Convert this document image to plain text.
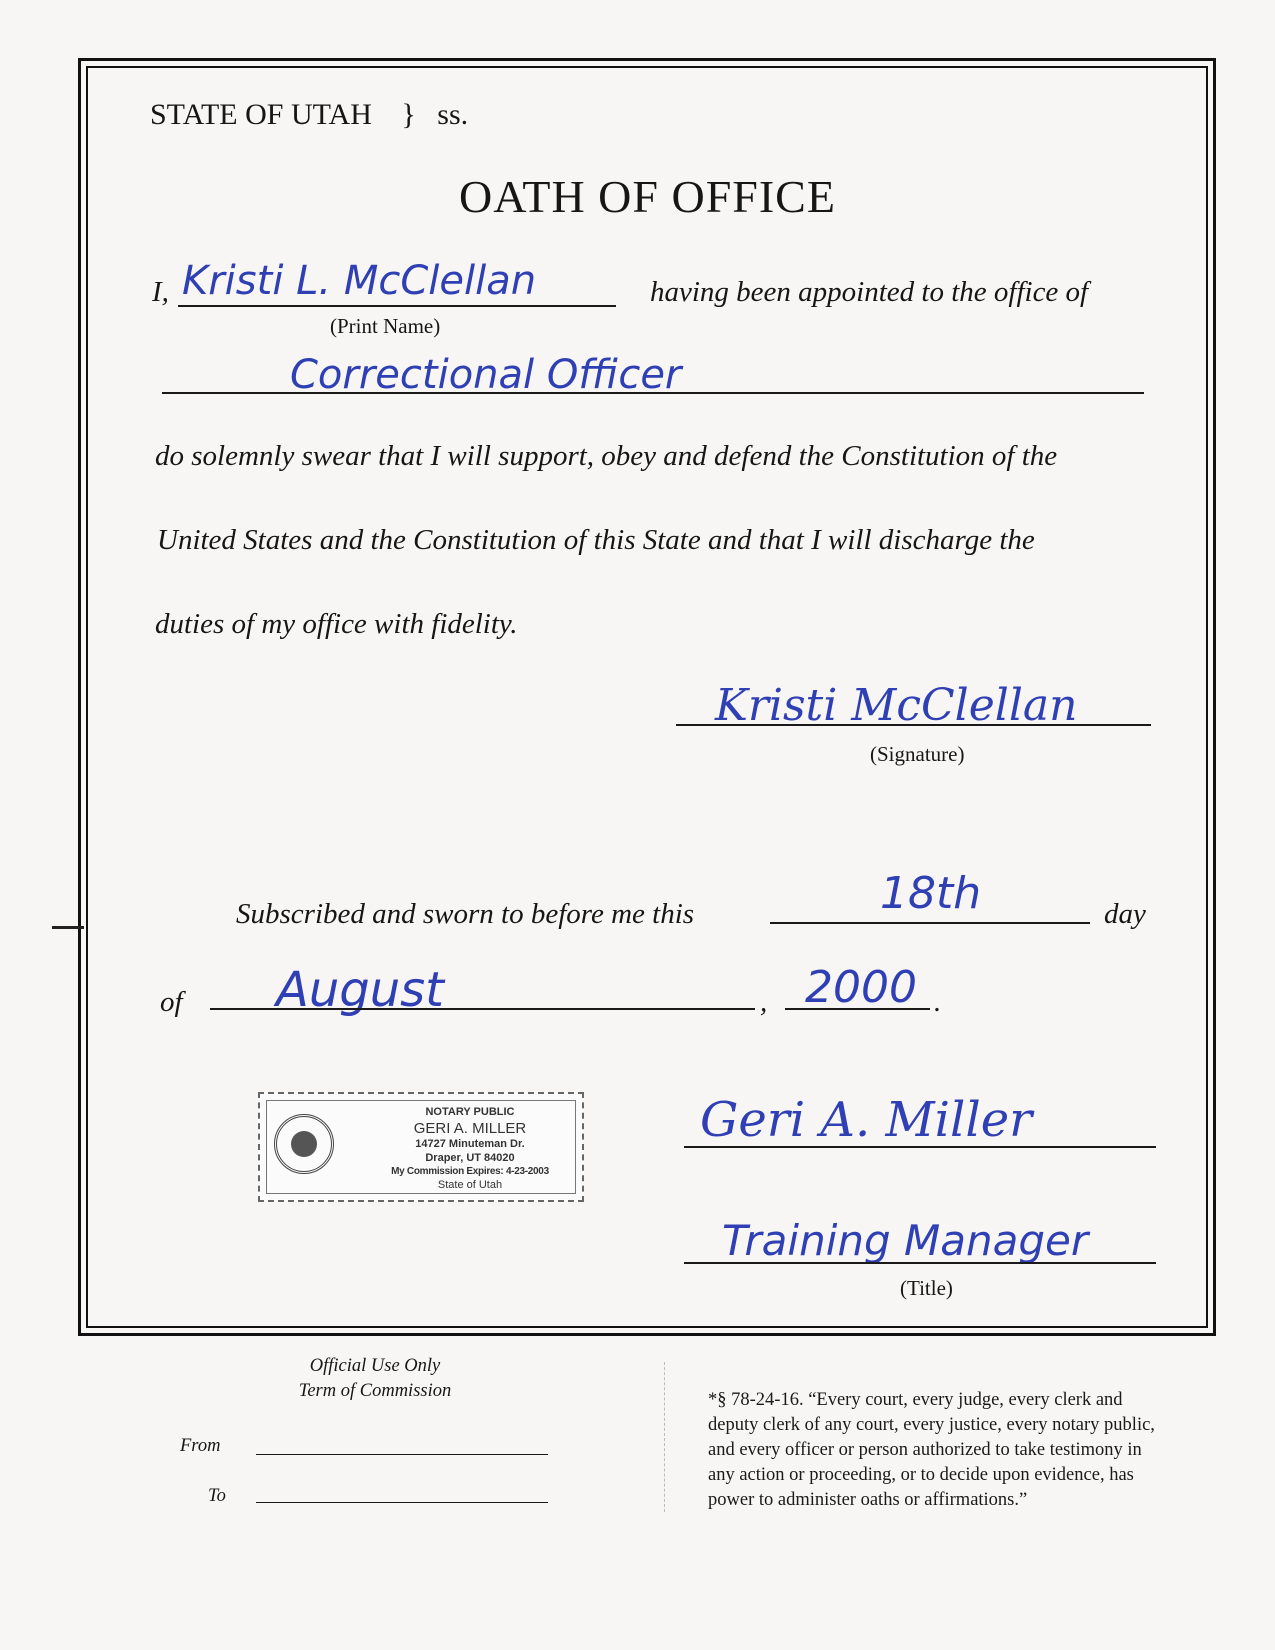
STATE OF UTAH } ss.
OATH OF OFFICE
I, Kristi L. McClellan
(Print Name)
having been appointed to the office of
Correctional Officer
do solemnly swear that I will support, obey and defend the Constitution of the
United States and the Constitution of this State and that I will discharge the
duties of my office with fidelity.
Kristi McClellan
(Signature)
Subscribed and sworn to before me this	18th	day
of August	, 2000 .
NOTARY PUBLIC
GERI A. MILLER
14727 Minuteman Dr.
Draper, UT 84020
My Commission Expires: 4-23-2003
State of Utah
Geri A. Miller
Training Manager
(Title)
Official Use Only
Term of Commission
From
To
*§ 78-24-16. “Every court, every judge, every clerk and
deputy clerk of any court, every justice, every notary public,
and every officer or person authorized to take testimony in
any action or proceeding, or to decide upon evidence, has
power to administer oaths or affirmations.”
